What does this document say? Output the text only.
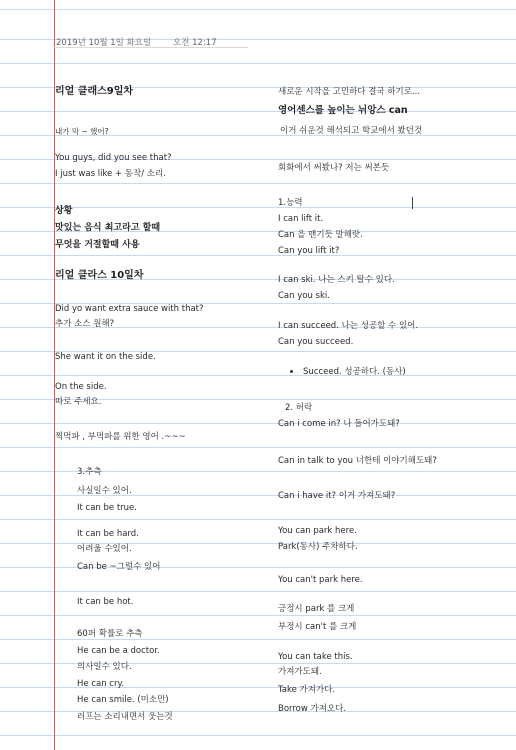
2019년 10월 1일 화요일	오전 12:17
리얼 클래스9일차
내가 막 ~ 했어?
You guys, did you see that?
I just was like + 동작/ 소리.
상황
맛있는 음식 최고라고 할때
무엇을 거절할때 사용
리얼 클라스 10일차
Did yo want extra sauce with that?
추가 소스 원해?
She want it on the side.
On the side.
따로 주세요.
찍먹파 , 부먹파를 위한 영어 .~~~
3.추측
사실일수 있어.
It can be true.
It can be hard.
어려울 수있어.
Can be ~그럴수 있어
It can be hot.
60퍼 확률로 추측
He can be a doctor.
의사일수 있다.
He can cry.
He can smile. (미소만)
러프는 소리내면서 웃는것
새로운 시작을 고민하다 결국 하기로...
영어센스를 높이는 뉘앙스 can
이거 쉬운것 해석되고 학교에서 봤던것
회화에서 써봤나? 저는 써본듯
1.능력
I can lift it.
Can 을 맨기듯 말해랏.
Can you lift it?
I can ski. 나는 스키 탈수 있다.
Can you ski.
I can succeed. 나는 성공할 수 있어.
Can you succeed.
Succeed. 성공하다. (동사)
2. 허락
Can i come in? 나 들어가도돼?
Can in talk to you 너한테 이야기해도돼?
Can i have it? 이거 가져도돼?
You can park here.
Park(동사) 주차하다.
You can't park here.
긍정시 park 를 크게
부정시 can't 를 크게
You can take this.
가져가도돼.
Take 가져가다.
Borrow 가져오다.
